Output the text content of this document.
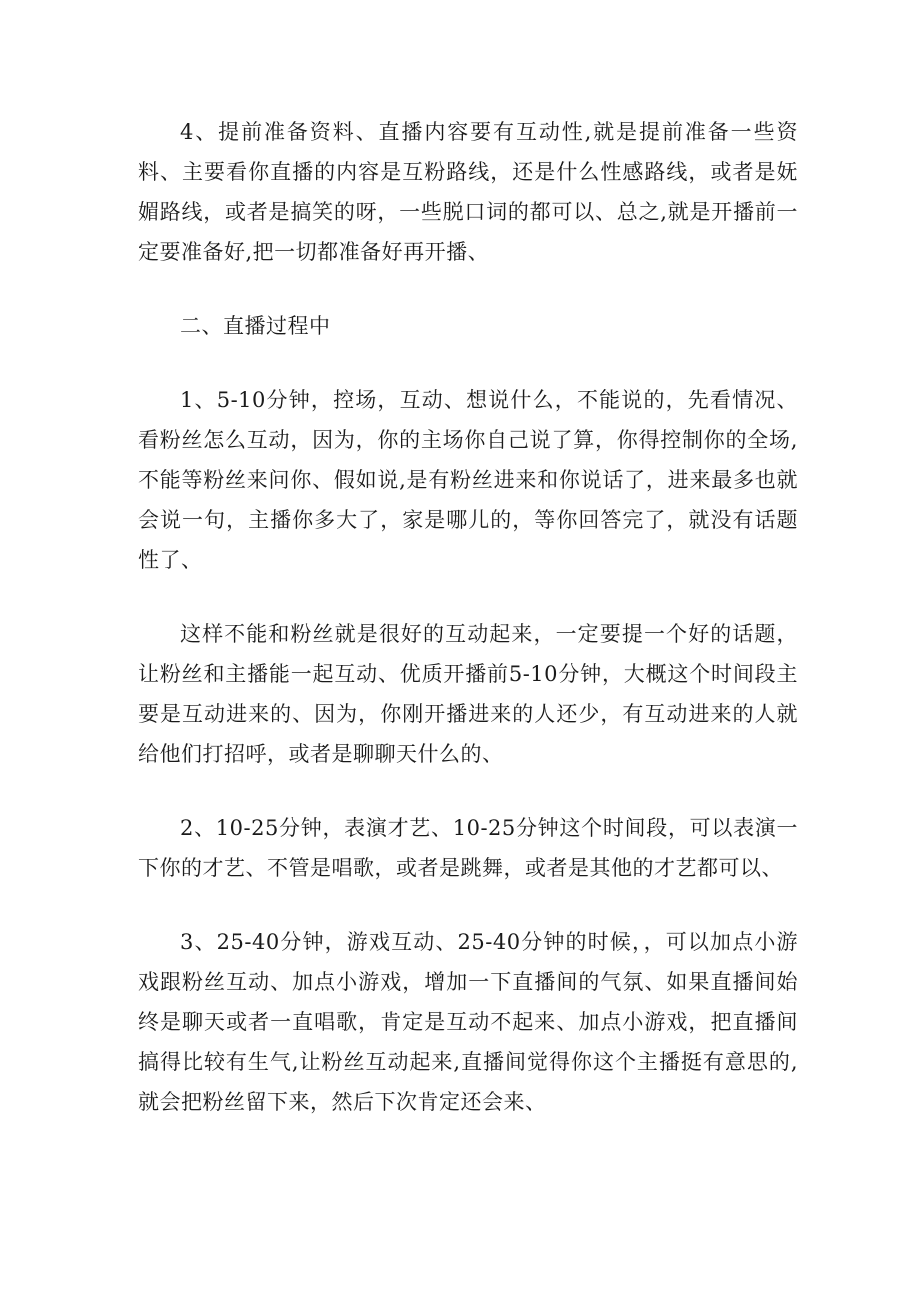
4、提前准备资料、直播内容要有互动性,就是提前准备一些资料、主要看你直播的内容是互粉路线，还是什么性感路线，或者是妩媚路线，或者是搞笑的呀，一些脱口词的都可以、总之,就是开播前一定要准备好,把一切都准备好再开播、

二、直播过程中

1、5-10分钟，控场，互动、想说什么，不能说的，先看情况、看粉丝怎么互动，因为，你的主场你自己说了算，你得控制你的全场,不能等粉丝来问你、假如说,是有粉丝进来和你说话了，进来最多也就会说一句，主播你多大了，家是哪儿的，等你回答完了，就没有话题性了、

这样不能和粉丝就是很好的互动起来，一定要提一个好的话题，让粉丝和主播能一起互动、优质开播前5-10分钟，大概这个时间段主要是互动进来的、因为，你刚开播进来的人还少，有互动进来的人就给他们打招呼，或者是聊聊天什么的、

2、10-25分钟，表演才艺、10-25分钟这个时间段，可以表演一下你的才艺、不管是唱歌，或者是跳舞，或者是其他的才艺都可以、

3、25-40分钟，游戏互动、25-40分钟的时候，，可以加点小游戏跟粉丝互动、加点小游戏，增加一下直播间的气氛、如果直播间始终是聊天或者一直唱歌，肯定是互动不起来、加点小游戏，把直播间搞得比较有生气,让粉丝互动起来,直播间觉得你这个主播挺有意思的,就会把粉丝留下来，然后下次肯定还会来、
